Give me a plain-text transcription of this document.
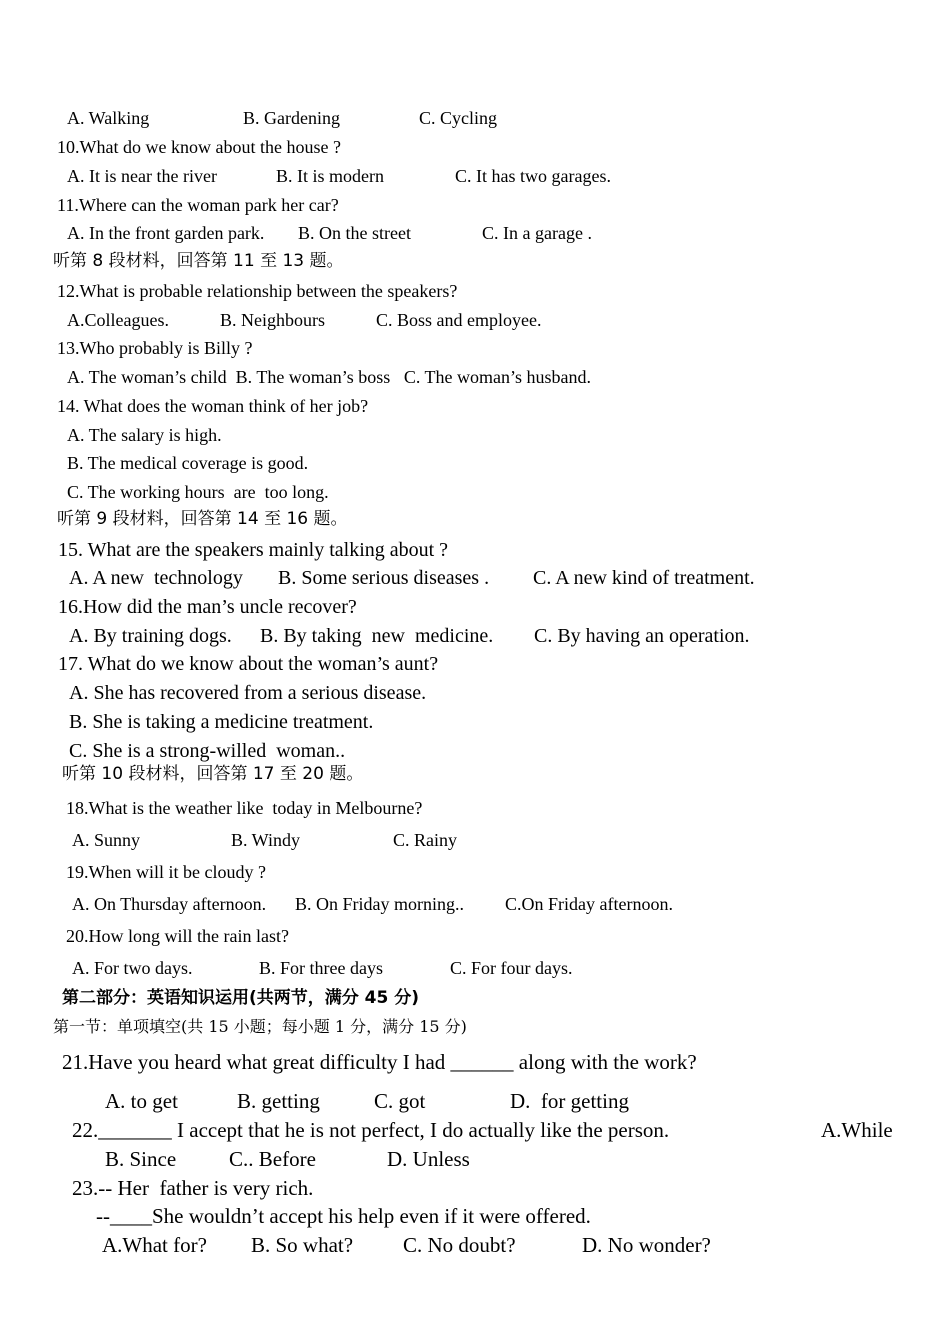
A. Walking	B. Gardening	C. Cycling
10.What do we know about the house ?
A. It is near the river	B. It is modern	C. It has two garages.
11.Where can the woman park her car?
A. In the front garden park. B. On the street	C. In a garage .
听第 8 段材料，回答第 11 至 13 题。
12.What is probable relationship between the speakers?
A.Colleagues.	B. Neighbours	C. Boss and employee.
13.Who probably is Billy ?
A. The woman’s child  B. The woman’s boss   C. The woman’s husband.
14. What does the woman think of her job?
A. The salary is high.
B. The medical coverage is good.
C. The working hours  are  too long.
听第 9 段材料，回答第 14 至 16 题。
15. What are the speakers mainly talking about ?
A. A new  technology B. Some serious diseases . C. A new kind of treatment.
16.How did the man’s uncle recover?
A. By training dogs. B. By taking  new  medicine. C. By having an operation.
17. What do we know about the woman’s aunt?
A. She has recovered from a serious disease.
B. She is taking a medicine treatment.
C. She is a strong-willed  woman..
听第 10 段材料，回答第 17 至 20 题。
18.What is the weather like  today in Melbourne?
A. Sunny	B. Windy	C. Rainy
19.When will it be cloudy ?
A. On Thursday afternoon. B. On Friday morning.. C.On Friday afternoon.
20.How long will the rain last?
A. For two days.	B. For three days	C. For four days.
第二部分：英语知识运用(共两节，满分 45 分)
第一节：单项填空(共 15 小题；每小题 1 分，满分 15 分)
21.Have you heard what great difficulty I had ______ along with the work?
A. to get	B. getting	C. got	D.  for getting
22._______ I accept that he is not perfect, I do actually like the person.	A.While
B. Since	C.. Before	D. Unless
23.-- Her  father is very rich.
--____She wouldn’t accept his help even if it were offered.
A.What for? B. So what? C. No doubt?	D. No wonder?
